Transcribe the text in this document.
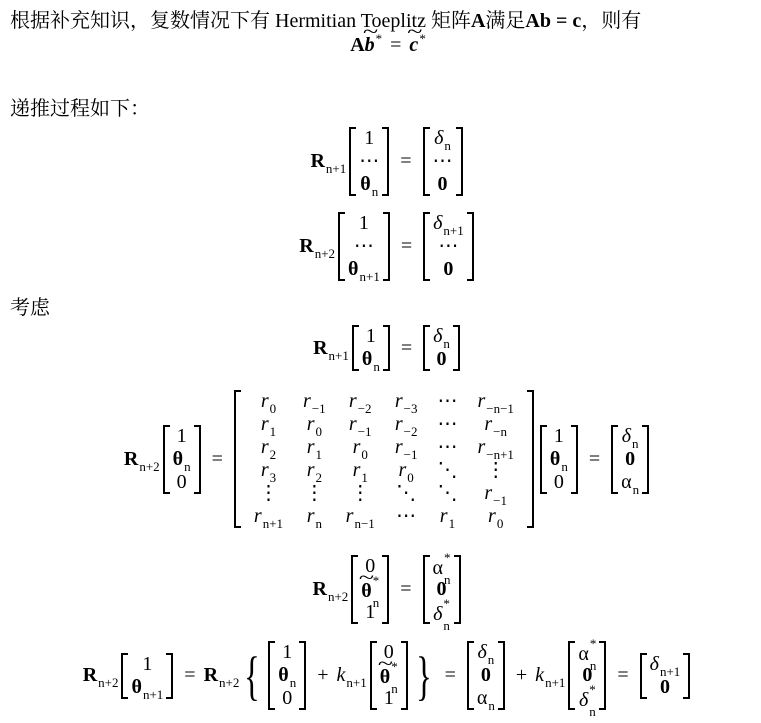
根据补充知识，复数情况下有 Hermitian Toeplitz 矩阵A满足Ab = c，则有
A ~ b * = ~ c *
递推过程如下：
R n+1
1
⋯
θ n
=
δ n
⋯
0
R n+2
1
⋯
θ n+1
=
δ n+1
⋯
0
考虑
R n+1
1
θ n
=
δ n
0
R n+2
1
θ n
0
=
r 0 r −1 r −2 r −3 ⋯ r −n−1
r 1 r 0 r −1 r −2 ⋯ r −n
r 2 r 1 r 0 r −1 ⋯ r −n+1
r 3 r 2 r 1 r 0 ⋱ ⋮
⋮ ⋮ ⋮ ⋱ ⋱ r −1
r n+1 r n r n−1 ⋯ r 1 r 0
1
θ n
0
=
δ n
0
α n
R n+2
0
~ θ *
n
1
=
α *
n
0
δ *
n
R n+2
1
θ n+1
= R n+2 { 1
θ n
0
+ k n+1
0
~ θ *
n
1 } =
δ n
0
α n
+ k n+1
α *
n
0
δ *
n
=
δ n+1
0
